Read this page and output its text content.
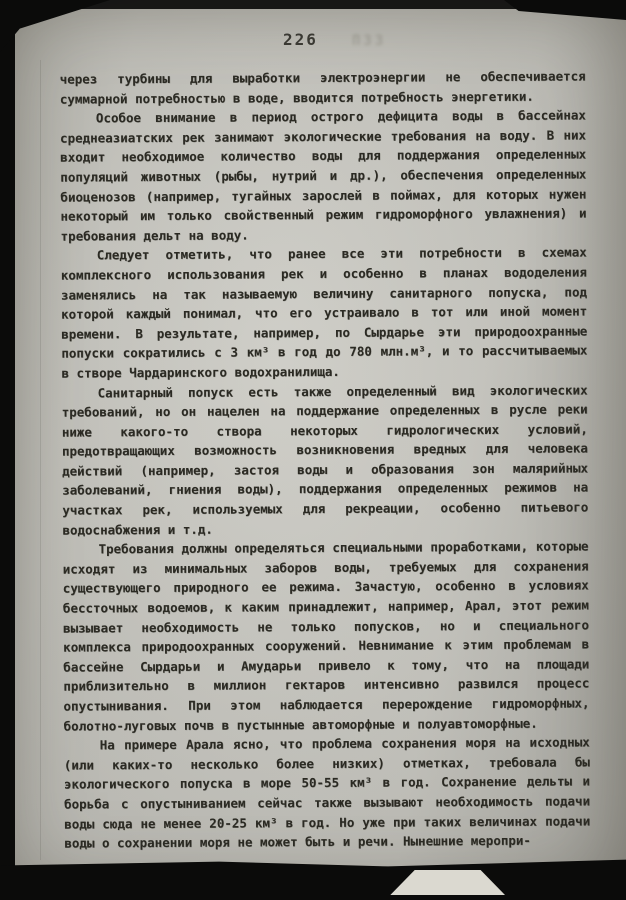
226 ПЗЗ

через турбины для выработки электроэнергии не обеспечивается суммарной потребностью в воде, вводится потребность энергетики.

Особое внимание в период острого дефицита воды в бассейнах среднеазиатских рек занимают экологические требования на воду. В них входит необходимое количество воды для поддержания определенных популяций животных (рыбы, нутрий и др.), обеспечения определенных биоценозов (например, тугайных зарослей в поймах, для которых нужен некоторый им только свойственный режим гидроморфного увлажнения) и требования дельт на воду.

Следует отметить, что ранее все эти потребности в схемах комплексного использования рек и особенно в планах вододеления заменялись на так называемую величину санитарного попуска, под которой каждый понимал, что его устраивало в тот или иной момент времени. В результате, например, по Сырдарье эти природоохранные попуски сократились с 3 км³ в год до 780 млн.м³, и то рассчитываемых в створе Чардаринского водохранилища.

Санитарный попуск есть также определенный вид экологических требований, но он нацелен на поддержание определенных в русле реки ниже какого-то створа некоторых гидрологических условий, предотвращающих возможность возникновения вредных для человека действий (например, застоя воды и образования зон малярийных заболеваний, гниения воды), поддержания определенных режимов на участках рек, используемых для рекреации, особенно питьевого водоснабжения и т.д.

Требования должны определяться специальными проработками, которые исходят из минимальных заборов воды, требуемых для сохранения существующего природного ее режима. Зачастую, особенно в условиях бессточных водоемов, к каким принадлежит, например, Арал, этот режим вызывает необходимость не только попусков, но и специального комплекса природоохранных сооружений. Невнимание к этим проблемам в бассейне Сырдарьи и Амударьи привело к тому, что на площади приблизительно в миллион гектаров интенсивно развился процесс опустынивания. При этом наблюдается перерождение гидроморфных, болотно-луговых почв в пустынные автоморфные и полуавтоморфные.

На примере Арала ясно, что проблема сохранения моря на исходных (или каких-то несколько более низких) отметках, требовала бы экологического попуска в море 50-55 км³ в год. Сохранение дельты и борьба с опустыниванием сейчас также вызывают необходимость подачи воды сюда не менее 20-25 км³ в год. Но уже при таких величинах подачи воды о сохранении моря не может быть и речи. Нынешние меропри-
